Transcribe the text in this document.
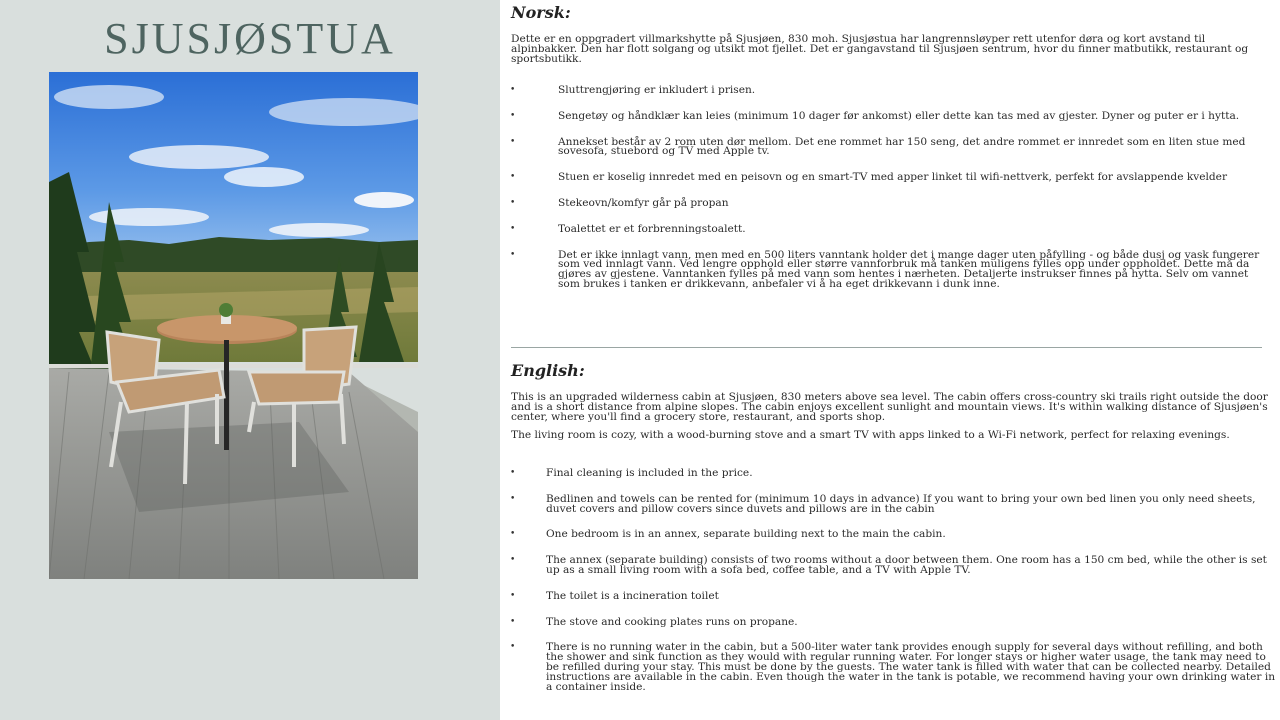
SJUSJØSTUA
Norsk:

Dette er en oppgradert villmarkshytte på Sjusjøen, 830 moh. Sjusjøstua har langrennsløyper rett utenfor døra og kort avstand til alpinbakker. Den har flott solgang og utsikt mot fjellet. Det er gangavstand til Sjusjøen sentrum, hvor du finner matbutikk, restaurant og sportsbutikk.

• Sluttrengjøring er inkludert i prisen.
• Sengetøy og håndklær kan leies (minimum 10 dager før ankomst) eller dette kan tas med av gjester. Dyner og puter er i hytta.
• Annekset består av 2 rom uten dør mellom. Det ene rommet har 150 seng, det andre rommet er innredet som en liten stue med sovesofa, stuebord og TV med Apple tv.
• Stuen er koselig innredet med en peisovn og en smart-TV med apper linket til wifi-nettverk, perfekt for avslappende kvelder
• Stekeovn/komfyr går på propan
• Toalettet er et forbrenningstoalett.
• Det er ikke innlagt vann, men med en 500 liters vanntank holder det i mange dager uten påfylling - og både dusj og vask fungerer som ved innlagt vann. Ved lengre opphold eller større vannforbruk må tanken muligens fylles opp under oppholdet. Dette må da gjøres av gjestene. Vanntanken fylles på med vann som hentes i nærheten. Detaljerte instrukser finnes på hytta. Selv om vannet som brukes i tanken er drikkevann, anbefaler vi å ha eget drikkevann i dunk inne.
English:

This is an upgraded wilderness cabin at Sjusjøen, 830 meters above sea level. The cabin offers cross-country ski trails right outside the door and is a short distance from alpine slopes. The cabin enjoys excellent sunlight and mountain views. It's within walking distance of Sjusjøen's center, where you'll find a grocery store, restaurant, and sports shop.

The living room is cozy, with a wood-burning stove and a smart TV with apps linked to a Wi-Fi network, perfect for relaxing evenings.

• Final cleaning is included in the price.
• Bedlinen and towels can be rented for (minimum 10 days in advance) If you want to bring your own bed linen you only need sheets, duvet covers and pillow covers since duvets and pillows are in the cabin
• One bedroom is in an annex, separate building next to the main the cabin.
• The annex (separate building) consists of two rooms without a door between them. One room has a 150 cm bed, while the other is set up as a small living room with a sofa bed, coffee table, and a TV with Apple TV.
• The toilet is a incineration toilet
• The stove and cooking plates runs on propane.
• There is no running water in the cabin, but a 500-liter water tank provides enough supply for several days without refilling, and both the shower and sink function as they would with regular running water. For longer stays or higher water usage, the tank may need to be refilled during your stay. This must be done by the guests. The water tank is filled with water that can be collected nearby. Detailed instructions are available in the cabin. Even though the water in the tank is potable, we recommend having your own drinking water in a container inside.
